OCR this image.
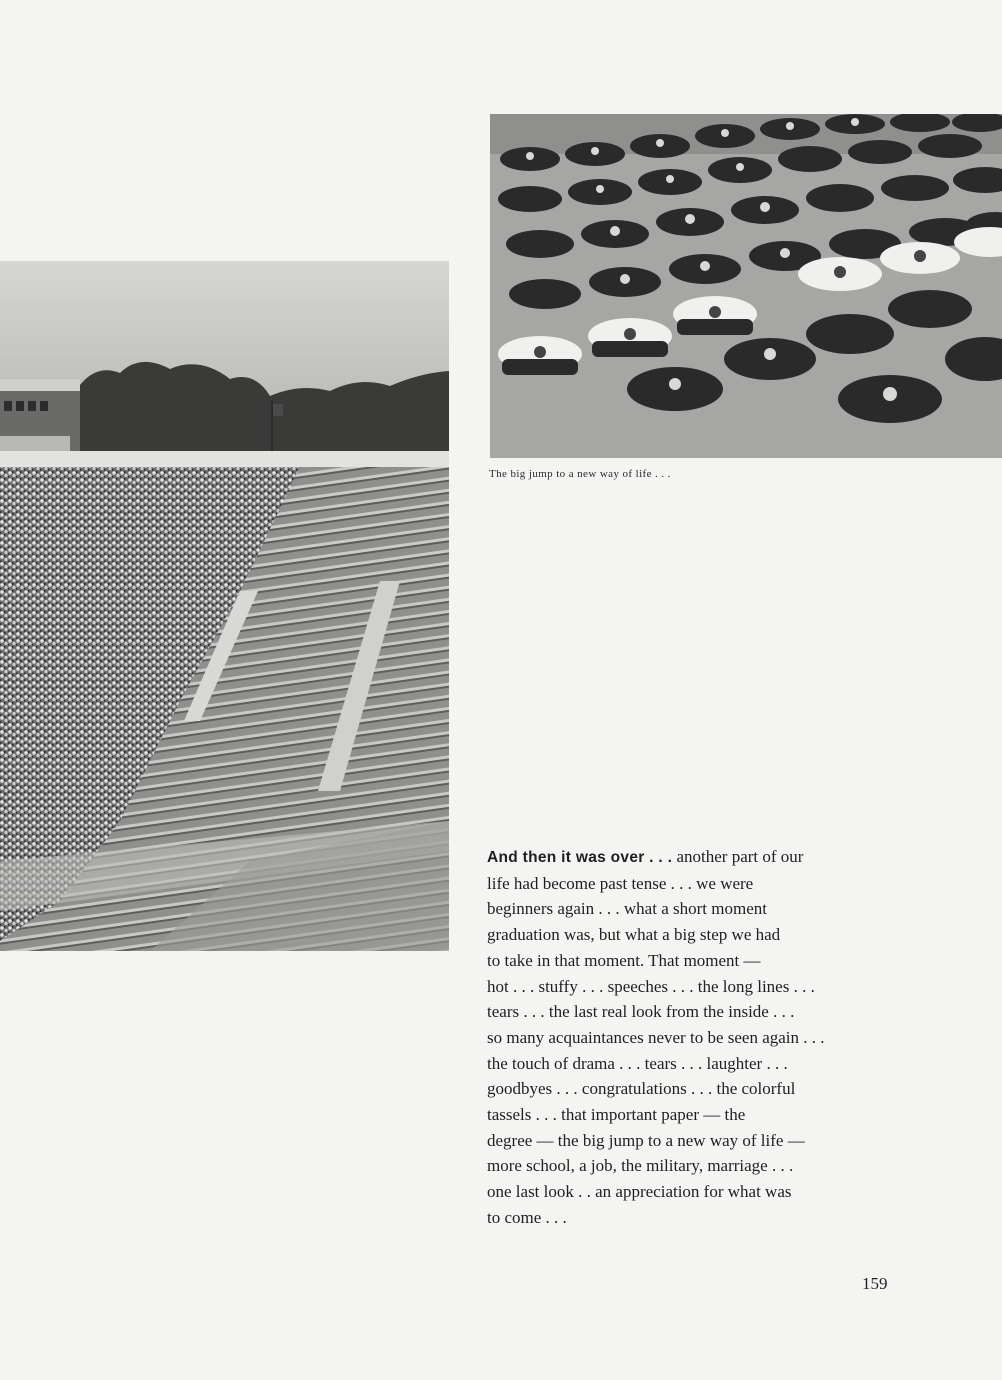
The big jump to a new way of life . . .

And then it was over . . . another part of our
life had become past tense . . . we were
beginners again . . . what a short moment
graduation was, but what a big step we had
to take in that moment. That moment —
hot . . . stuffy . . . speeches . . . the long lines . . .
tears . . . the last real look from the inside . . .
so many acquaintances never to be seen again . . .
the touch of drama . . . tears . . . laughter . . .
goodbyes . . . congratulations . . . the colorful
tassels . . . that important paper — the
degree — the big jump to a new way of life —
more school, a job, the military, marriage . . .
one last look . . an appreciation for what was
to come . . .

159
